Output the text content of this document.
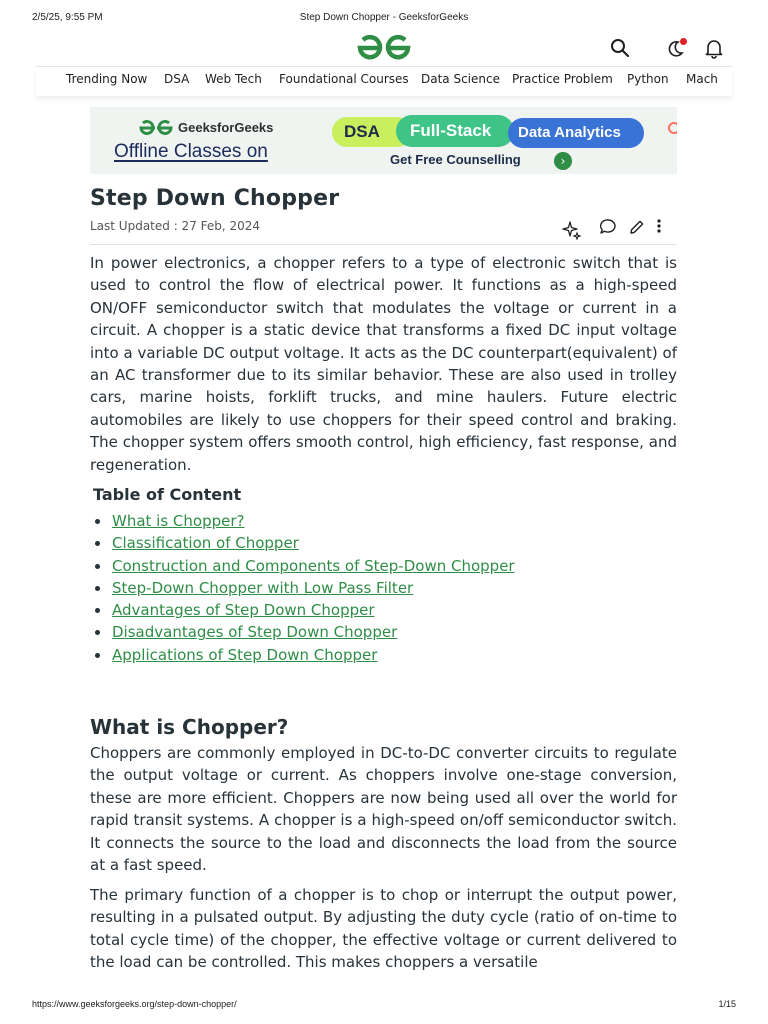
2/5/25, 9:55 PM	Step Down Chopper - GeeksforGeeks
Trending Now DSA Web Tech Foundational Courses Data Science Practice Problem Python Mach
GeeksforGeeks
Offline Classes on
DSA	Full-Stack	Data Analytics
Get Free Counselling	›
Step Down Chopper
Last Updated : 27 Feb, 2024

In power electronics, a chopper refers to a type of electronic switch that is used to control the flow of electrical power. It functions as a high-speed ON/OFF semiconductor switch that modulates the voltage or current in a circuit. A chopper is a static device that transforms a fixed DC input voltage into a variable DC output voltage. It acts as the DC counterpart(equivalent) of an AC transformer due to its similar behavior. These are also used in trolley cars, marine hoists, forklift trucks, and mine haulers. Future electric automobiles are likely to use choppers for their speed control and braking. The chopper system offers smooth control, high efficiency, fast response, and regeneration.

Table of Content
What is Chopper?
Classification of Chopper
Construction and Components of Step-Down Chopper
Step-Down Chopper with Low Pass Filter
Advantages of Step Down Chopper
Disadvantages of Step Down Chopper
Applications of Step Down Chopper
What is Chopper?

Choppers are commonly employed in DC-to-DC converter circuits to regulate the output voltage or current. As choppers involve one-stage conversion, these are more efficient. Choppers are now being used all over the world for rapid transit systems. A chopper is a high-speed on/off semiconductor switch. It connects the source to the load and disconnects the load from the source at a fast speed.

The primary function of a chopper is to chop or interrupt the output power, resulting in a pulsated output. By adjusting the duty cycle (ratio of on-time to total cycle time) of the chopper, the effective voltage or current delivered to the load can be controlled. This makes choppers a versatile

https://www.geeksforgeeks.org/step-down-chopper/	1/15
